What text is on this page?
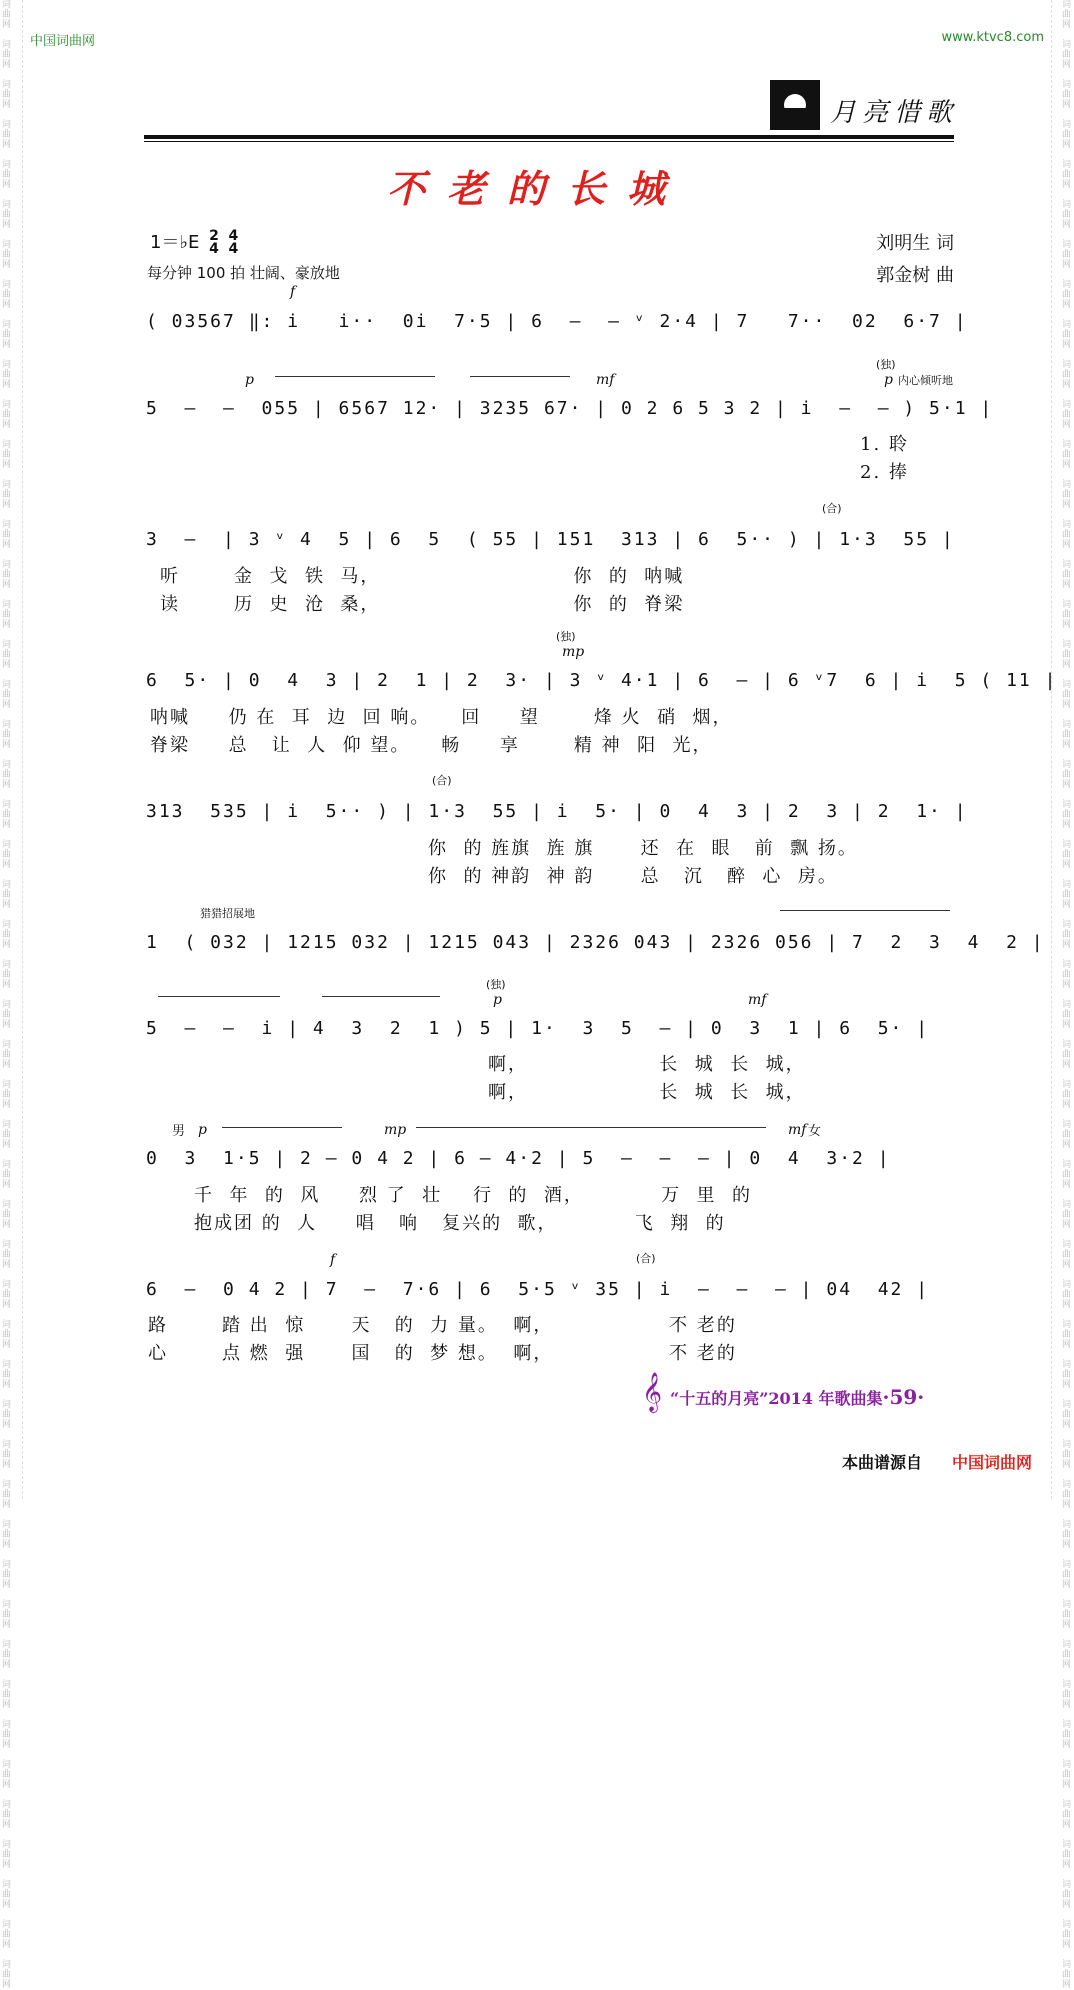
词
曲
网

词
曲
网

词
曲
网

词
曲
网

词
曲
网

词
曲
网

词
曲
网

词
曲
网

词
曲
网

词
曲
网

词
曲
网

词
曲
网

词
曲
网

词
曲
网

词
曲
网

词
曲
网

词
曲
网

词
曲
网

词
曲
网

词
曲
网

词
曲
网

词
曲
网

词
曲
网

词
曲
网

词
曲
网

词
曲
网

词
曲
网

词
曲
网

词
曲
网

词
曲
网

词
曲
网

词
曲
网

词
曲
网

词
曲
网

词
曲
网

词
曲
网

词
曲
网

词
曲
网

词
曲
网

词
曲
网

词
曲
网

词
曲
网

词
曲
网

词
曲
网

词
曲
网

词
曲
网

词
曲
网

词
曲
网

词
曲
网

词
曲
网

词
曲
网

词
曲
网

词
曲
网

词
曲
网

词
曲
网

词
曲
网

词
曲
网

词
曲
网

词
曲
网

词
曲
网

词
曲
网

词
曲
网

词
曲
网

词
曲
网

词
曲
网

词
曲
网

词
曲
网

词
曲
网

词
曲
网

词
曲
网

词
曲
网

词
曲
网

词
曲
网

词
曲
网

词
曲
网

词
曲
网

词
曲
网

词
曲
网

词
曲
网

词
曲
网

词
曲
网

词
曲
网

词
曲
网

词
曲
网

词
曲
网

词
曲
网

词
曲
网

词
曲
网

词
曲
网

词
曲
网

词
曲
网

词
曲
网

词
曲
网

词
曲
网

词
曲
网

词
曲
网

词
曲
网

词
曲
网

词
曲
网

词
曲
网

中国词曲网	www.ktvc8.com
月亮惜歌
不老的长城
1＝♭E 2
4 4
4
每分钟 100 拍 壮阔、豪放地
刘明生 词
郭金树 曲
f
( 03567 ‖: i   i··  0i  7·5 | 6  –  – ᵛ 2·4 | 7   7··  02  6·7 |
p	mf
(独)
p 内心倾听地
5  –  –  055 | 6567 12· | 3235 67· | 0 2 6 5 3 2 | i  –  – ) 5·1 |
1. 聆
2. 捧
(合)
3  –  | 3 ᵛ 4  5 | 6  5  ( 55 | 151  313 | 6  5·· ) | 1·3  55 |
听       金  戈  铁  马，                         你  的  呐喊
读       历  史  沧  桑，                         你  的  脊梁
(独)
mp
6  5· | 0  4  3 | 2  1 | 2  3· | 3 ᵛ 4·1 | 6  – | 6 ᵛ7  6 | i  5 ( 11 |
呐喊     仍 在  耳  边  回 响。    回     望       烽 火  硝  烟，
脊梁     总   让  人  仰 望。    畅     享       精 神  阳  光，
(合)
313  535 | i  5·· ) | 1·3  55 | i  5· | 0  4  3 | 2  3 | 2  1· |
你  的 旌旗  旌 旗      还  在  眼   前  飘 扬。
你  的 神韵  神 韵      总   沉   醉  心  房。
猎猎招展地
1  ( 032 | 1215 032 | 1215 043 | 2326 043 | 2326 056 | 7  2  3  4  2 |
(独)
p	mf
5  –  –  i | 4  3  2  1 ) 5 | 1·  3  5  – | 0  3  1 | 6  5· |
啊，                 长  城  长  城，
啊，                 长  城  长  城，
男 p	mp	mf 女
0  3  1·5 | 2 – 0 4 2 | 6 – 4·2 | 5  –  –  – | 0  4  3·2 |
千  年  的  风     烈 了  壮    行  的  酒，          万  里  的
抱成团 的  人     唱   响   复兴的  歌，          飞  翔  的
f	(合)
6  –  0 4 2 | 7  –  7·6 | 6  5·5 ᵛ 35 | i  –  –  – | 04  42 |
路       踏 出  惊      天   的  力 量。  啊，               不 老的
心       点 燃  强      国   的  梦 想。  啊，               不 老的
𝄞 “十五的月亮”2014 年歌曲集·59·
本曲谱源自 中国词曲网
